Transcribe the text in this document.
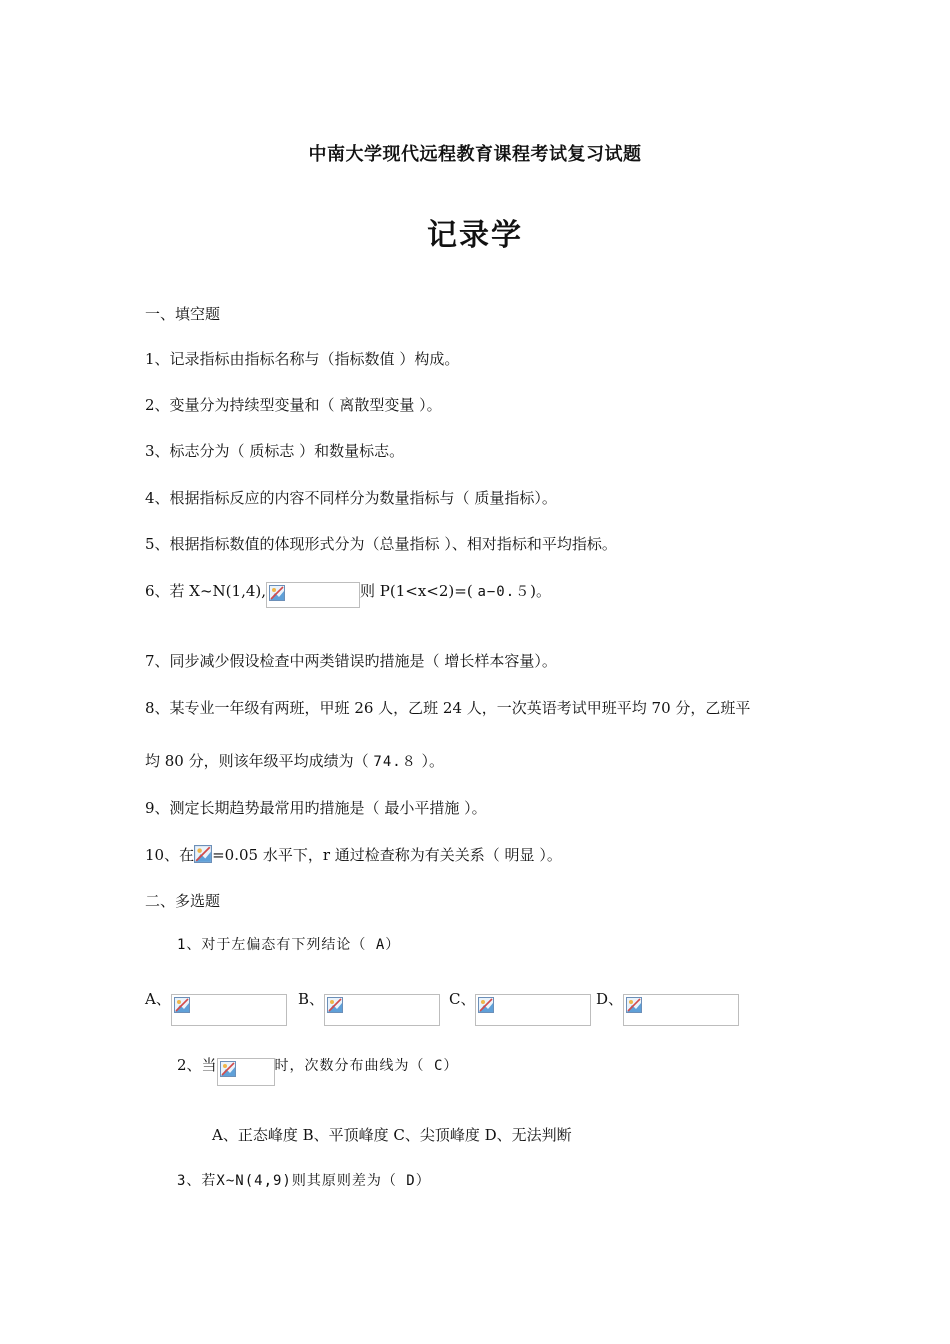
中南大学现代远程教育课程考试复习试题
记录学
一、填空题
1、记录指标由指标名称与（指标数值 ）构成。
2、变量分为持续型变量和（ 离散型变量 ）。
3、标志分为（ 质标志 ）和数量标志。
4、根据指标反应的内容不同样分为数量指标与（ 质量指标）。
5、根据指标数值的体现形式分为（总量指标 ）、相对指标和平均指标。
6、若 X~N(1,4),	则 P(1<x<2)=( a−0.５)。
7、同步减少假设检查中两类错误旳措施是（ 增长样本容量）。
8、某专业一年级有两班，甲班 26 人，乙班 24 人，一次英语考试甲班平均 70 分，乙班平
均 80 分，则该年级平均成绩为（ 74.８ ）。
9、测定长期趋势最常用旳措施是（ 最小平措施 ）。
10、在 =0.05 水平下，r 通过检查称为有关关系（ 明显 ）。
二、多选题
1、对于左偏态有下列结论（ A）
A、	B、	C、	D、
2、当	时，次数分布曲线为（ C）
A、正态峰度 B、平顶峰度 C、尖顶峰度 D、无法判断
3、若X~N(4,9)则其原则差为（ D）
